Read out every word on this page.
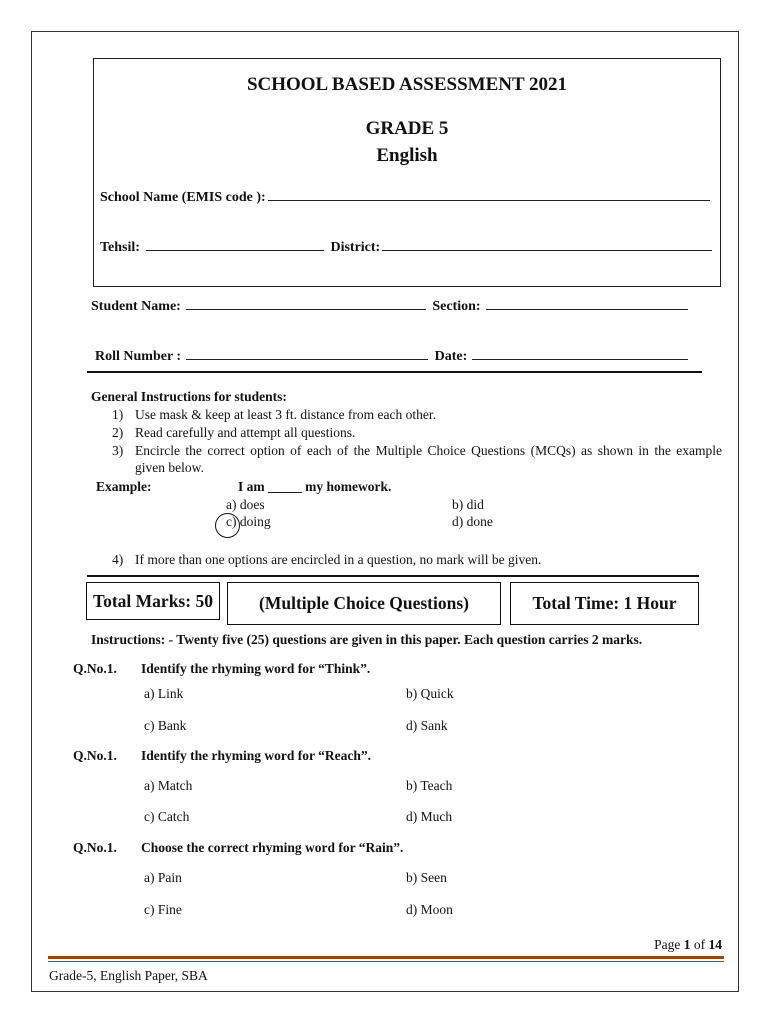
SCHOOL BASED ASSESSMENT 2021
GRADE 5
English
School Name (EMIS code ):
Tehsil:	District:
Student Name:	Section:
Roll Number :	Date:
General Instructions for students:
1) Use mask & keep at least 3 ft. distance from each other.
2) Read carefully and attempt all questions.
3) Encircle the correct option of each of the Multiple Choice Questions (MCQs) as shown in the example given below.
Example:	I am _____ my homework.
a) does	b) did
c) doing	d) done
4) If more than one options are encircled in a question, no mark will be given.
Total Marks: 50	(Multiple Choice Questions)	Total Time: 1 Hour
Instructions: - Twenty five (25) questions are given in this paper. Each question carries 2 marks.
Q.No.1. Identify the rhyming word for “Think”.
a) Link	b) Quick
c) Bank	d) Sank
Q.No.1. Identify the rhyming word for “Reach”.
a) Match	b) Teach
c) Catch	d) Much
Q.No.1. Choose the correct rhyming word for “Rain”.
a) Pain	b) Seen
c) Fine	d) Moon
Page 1 of 14
Grade-5, English Paper, SBA
